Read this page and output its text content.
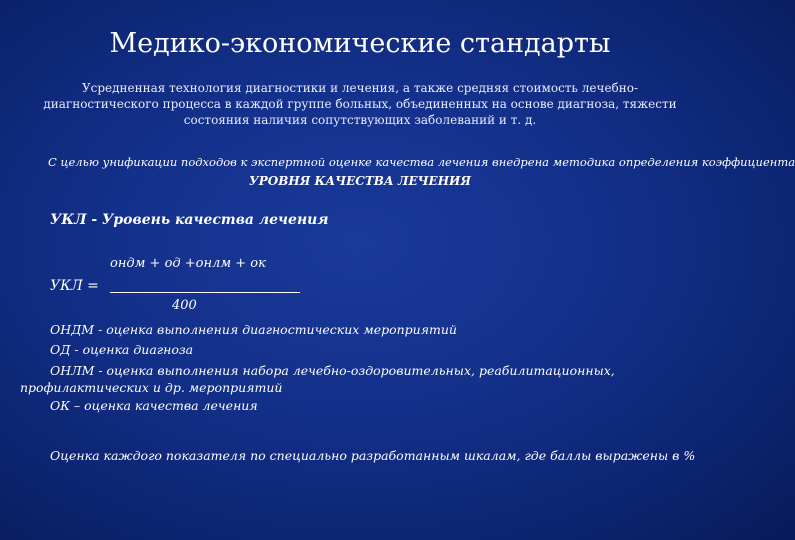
Медико-экономические стандарты
Усредненная технология диагностики и лечения, а также средняя стоимость лечебно-диагностического процесса в каждой группе больных, объединенных на основе диагноза, тяжести состояния наличия сопутствующих заболеваний и т. д.
С целью унификации подходов к экспертной оценке качества лечения внедрена методика определения коэффициента
УРОВНЯ КАЧЕСТВА ЛЕЧЕНИЯ
УКЛ - Уровень качества лечения
ондм + од +онлм + ок
УКЛ =
400
ОНДМ - оценка выполнения диагностических мероприятий
ОД - оценка диагноза
ОНЛМ - оценка выполнения набора лечебно-оздоровительных, реабилитационных, профилактических и др. мероприятий
ОК – оценка качества лечения
Оценка каждого показателя по специально разработанным шкалам, где баллы выражены в %
